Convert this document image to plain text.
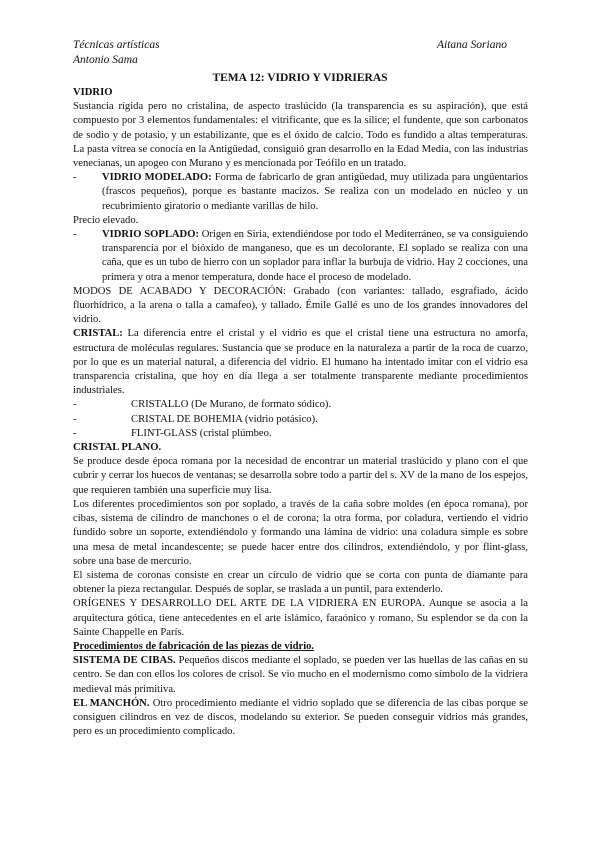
Técnicas artísticas
Antonio Sama
Aitana Soriano
TEMA 12: VIDRIO Y VIDRIERAS

VIDRIO

Sustancia rígida pero no cristalina, de aspecto traslúcido (la transparencia es su aspiración), que está compuesto por 3 elementos fundamentales: el vitrificante, que es la sílice; el fundente, que son carbonatos de sodio y de potasio, y un estabilizante, que es el óxido de calcio. Todo es fundido a altas temperaturas. La pasta vítrea se conocía en la Antigüedad, consiguió gran desarrollo en la Edad Media, con las industrias venecianas, un apogeo con Murano y es mencionada por Teófilo en un tratado.

-	VIDRIO MODELADO: Forma de fabricarlo de gran antigüedad, muy utilizada para ungüentarios (frascos pequeños), porque es bastante macizos. Se realiza con un modelado en núcleo y un recubrimiento giratorio o mediante varillas de hilo.

Precio elevado.

-	VIDRIO SOPLADO: Origen en Siria, extendiéndose por todo el Mediterráneo, se va consiguiendo transparencia por el bióxido de manganeso, que es un decolorante. El soplado se realiza con una caña, que es un tubo de hierro con un soplador para inflar la burbuja de vidrio. Hay 2 cocciones, una primera y otra a menor temperatura, donde hace el proceso de modelado.

MODOS DE ACABADO Y DECORACIÓN: Grabado (con variantes: tallado, esgrafiado, ácido fluorhídrico, a la arena o talla a camafeo), y tallado. Émile Gallé es uno de los grandes innovadores del vidrio.

CRISTAL: La diferencia entre el cristal y el vidrio es que el cristal tiene una estructura no amorfa, estructura de moléculas regulares. Sustancia que se produce en la naturaleza a partir de la roca de cuarzo, por lo que es un material natural, a diferencia del vidrio. El humano ha intentado imitar con el vidrio esa transparencia cristalina, que hoy en día llega a ser totalmente transparente mediante procedimientos industriales.

-	CRISTALLO (De Murano, de formato sódico).
-	CRISTAL DE BOHEMIA (vidrio potásico).
-	FLINT-GLASS (cristal plúmbeo.

CRISTAL PLANO.

Se produce desde época romana por la necesidad de encontrar un material traslúcido y plano con el que cubrir y cerrar los huecos de ventanas; se desarrolla sobre todo a partir del s. XV de la mano de los espejos, que requieren también una superficie muy lisa.

Los diferentes procedimientos son por soplado, a través de la caña sobre moldes (en época romana), por cibas, sistema de cilindro de manchones o el de corona; la otra forma, por coladura, vertiendo el vidrio fundido sobre un soporte, extendiéndolo y formando una lámina de vidrio: una coladura simple es sobre una mesa de metal incandescente; se puede hacer entre dos cilindros, extendiéndolo, y por flint-glass, sobre una base de mercurio.

El sistema de coronas consiste en crear un círculo de vidrio que se corta con punta de diamante para obtener la pieza rectangular. Después de soplar, se traslada a un puntil, para extenderlo.

ORÍGENES Y DESARROLLO DEL ARTE DE LA VIDRIERA EN EUROPA. Aunque se asocia a la arquitectura gótica, tiene antecedentes en el arte islámico, faraónico y romano, Su esplendor se da con la Sainte Chappelle en París.

Procedimientos de fabricación de las piezas de vidrio.

SISTEMA DE CIBAS. Pequeños discos mediante el soplado, se pueden ver las huellas de las cañas en su centro. Se dan con ellos los colores de crisol. Se vio mucho en el modernismo como símbolo de la vidriera medieval más primitiva.

EL MANCHÓN. Otro procedimiento mediante el vidrio soplado que se diferencia de las cibas porque se consiguen cilindros en vez de discos, modelando su exterior. Se pueden conseguir vidrios más grandes, pero es un procedimiento complicado.
